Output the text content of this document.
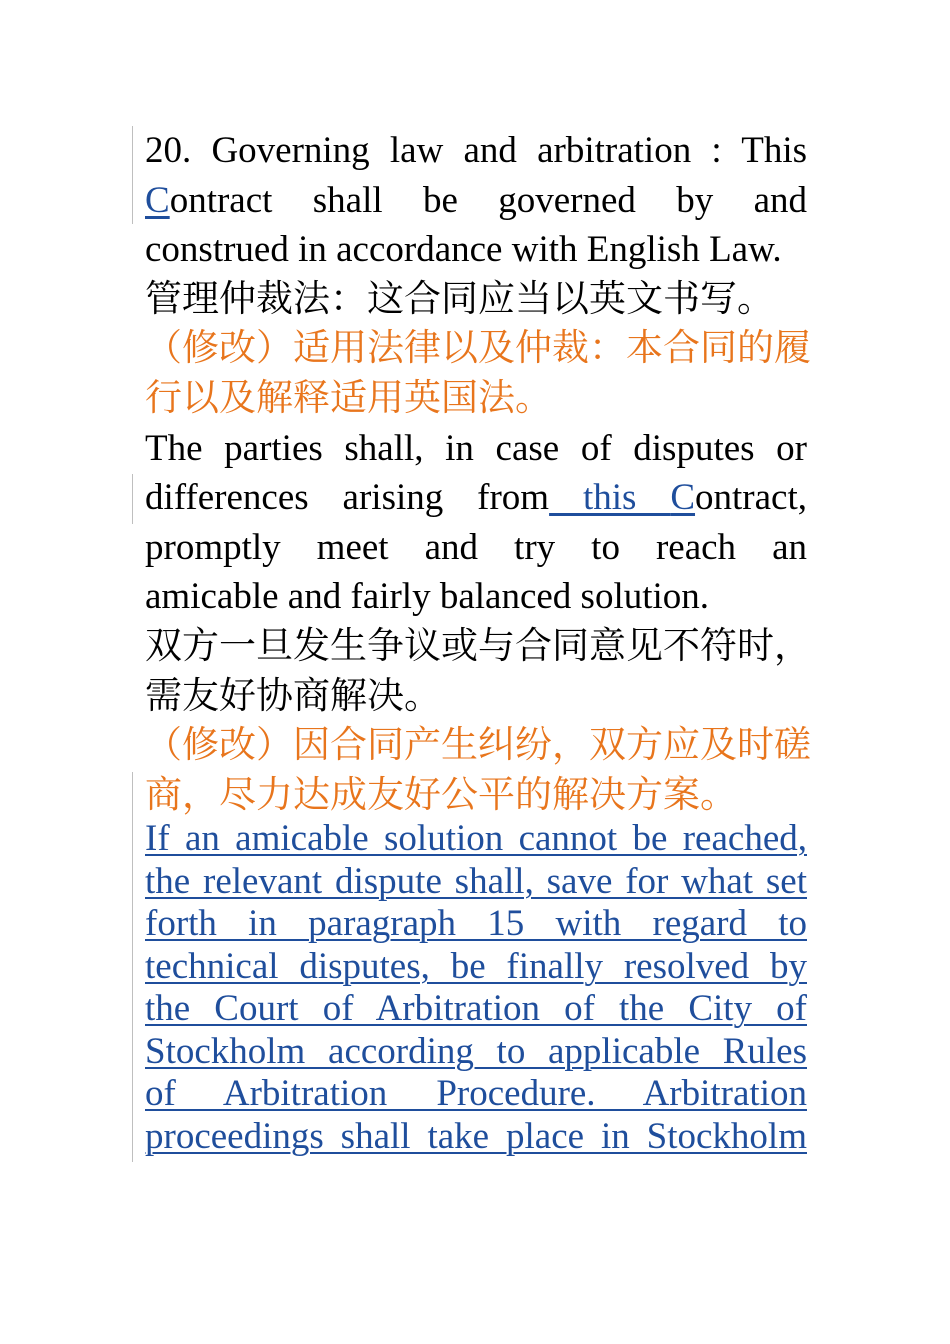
20. Governing law and arbitration : This
Contract shall be governed by and
construed in accordance with English Law.
管理仲裁法：这合同应当以英文书写。
（修改）适用法律以及仲裁：本合同的履
行以及解释适用英国法。
The parties shall, in case of disputes or
differences arising from this Contract,
promptly meet and try to reach an
amicable and fairly balanced solution.
双方一旦发生争议或与合同意见不符时，
需友好协商解决。
（修改）因合同产生纠纷，双方应及时磋
商，尽力达成友好公平的解决方案。
If an amicable solution cannot be reached,
the relevant dispute shall, save for what set
forth in paragraph 15 with regard to
technical disputes, be finally resolved by
the Court of Arbitration of the City of
Stockholm according to applicable Rules
of Arbitration Procedure. Arbitration
proceedings shall take place in Stockholm
